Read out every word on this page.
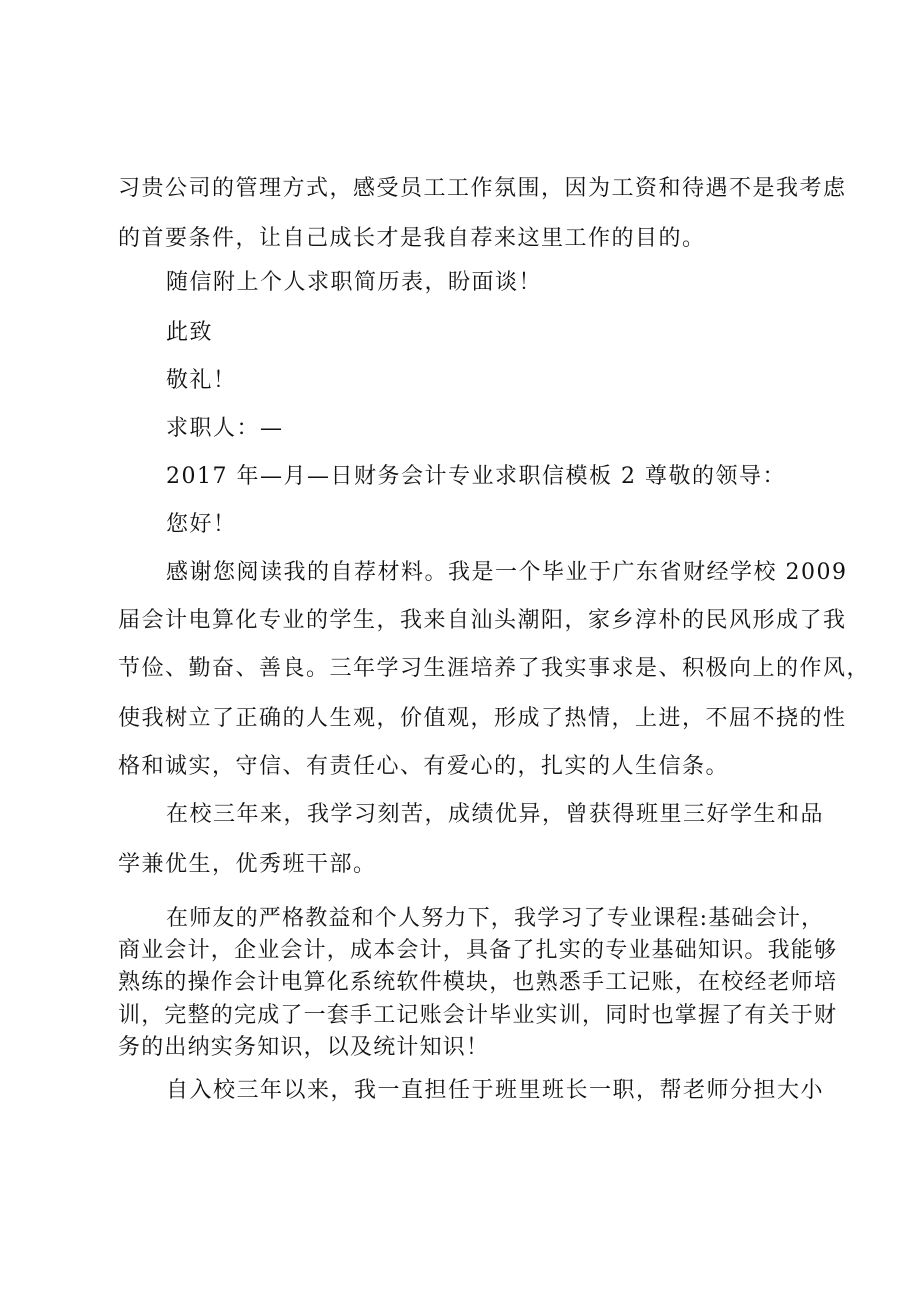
习贵公司的管理方式，感受员工工作氛围，因为工资和待遇不是我考虑
的首要条件，让自己成长才是我自荐来这里工作的目的。
随信附上个人求职简历表，盼面谈！
此致
敬礼！
求职人：—
2017 年—月—日财务会计专业求职信模板 2 尊敬的领导：
您好！
感谢您阅读我的自荐材料。我是一个毕业于广东省财经学校 2009
届会计电算化专业的学生，我来自汕头潮阳，家乡淳朴的民风形成了我
节俭、勤奋、善良。三年学习生涯培养了我实事求是、积极向上的作风，
使我树立了正确的人生观，价值观，形成了热情，上进，不屈不挠的性
格和诚实，守信、有责任心、有爱心的，扎实的人生信条。
在校三年来，我学习刻苦，成绩优异，曾获得班里三好学生和品
学兼优生，优秀班干部。
在师友的严格教益和个人努力下，我学习了专业课程:基础会计，
商业会计，企业会计，成本会计，具备了扎实的专业基础知识。我能够
熟练的操作会计电算化系统软件模块，也熟悉手工记账，在校经老师培
训，完整的完成了一套手工记账会计毕业实训，同时也掌握了有关于财
务的出纳实务知识，以及统计知识！
自入校三年以来，我一直担任于班里班长一职，帮老师分担大小
